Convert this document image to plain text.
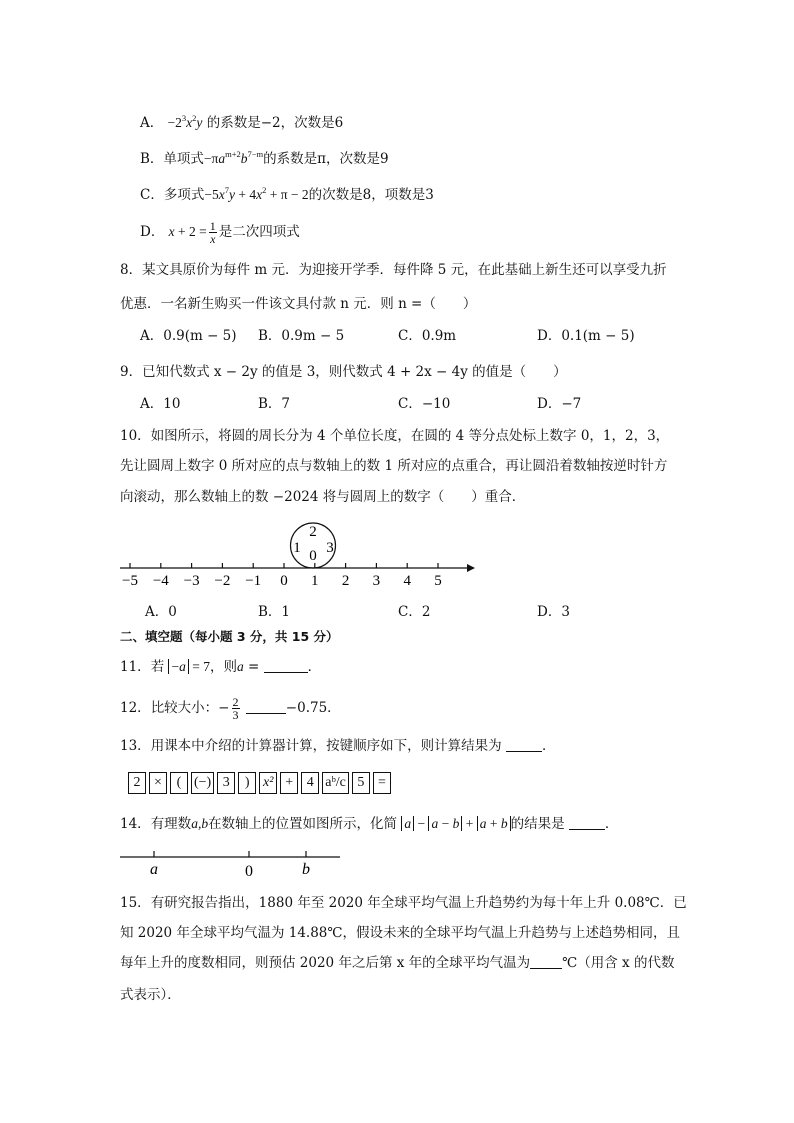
A． $-2^3x^2y$ 的系数是−2，次数是6
B．单项式$-\pi a^{m+2}b^{7-m}$的系数是π，次数是9
C．多项式$-5x^7y + 4x^2 + \pi - 2$的次数是8，项数是3
D． $x + 2 = \frac{1}{x}$ 是二次四项式
8．某文具原价为每件 m 元．为迎接开学季．每件降 5 元，在此基础上新生还可以享受九折
优惠．一名新生购买一件该文具付款 n 元．则 n =（　　）
A．0.9(m − 5) B．0.9m − 5	C．0.9m	D．0.1(m − 5)
9．已知代数式 x − 2y 的值是 3，则代数式 4 + 2x − 4y 的值是（　　）
A．10	B．7	C．−10	D．−7
10．如图所示，将圆的周长分为 4 个单位长度，在圆的 4 等分点处标上数字 0，1，2，3，
先让圆周上数字 0 所对应的点与数轴上的数 1 所对应的点重合，再让圆沿着数轴按逆时针方
向滚动，那么数轴上的数 −2024 将与圆周上的数字（　　）重合．
2
1 3
0
−5 −4 −3 −2 −1 0 1 2 3 4 5
A．0	B．1	C．2	D．3
二、填空题（每小题 3 分，共 15 分）
11．若 −a = 7，则a =	．
12．比较大小：− $\frac{2}{3}$	−0.75．
13．用课本中介绍的计算器计算，按键顺序如下，则计算结果为	．
2 × ( (−) 3 ) x² + 4 aᵇ/c 5 =
14．有理数a,b在数轴上的位置如图所示，化简 a − a − b + a + b 的结果是	．
a	0	b
15．有研究报告指出，1880 年至 2020 年全球平均气温上升趋势约为每十年上升 0.08℃．已
知 2020 年全球平均气温为 14.88℃，假设未来的全球平均气温上升趋势与上述趋势相同，且
每年上升的度数相同，则预估 2020 年之后第 x 年的全球平均气温为 ℃（用含 x 的代数
式表示）．
